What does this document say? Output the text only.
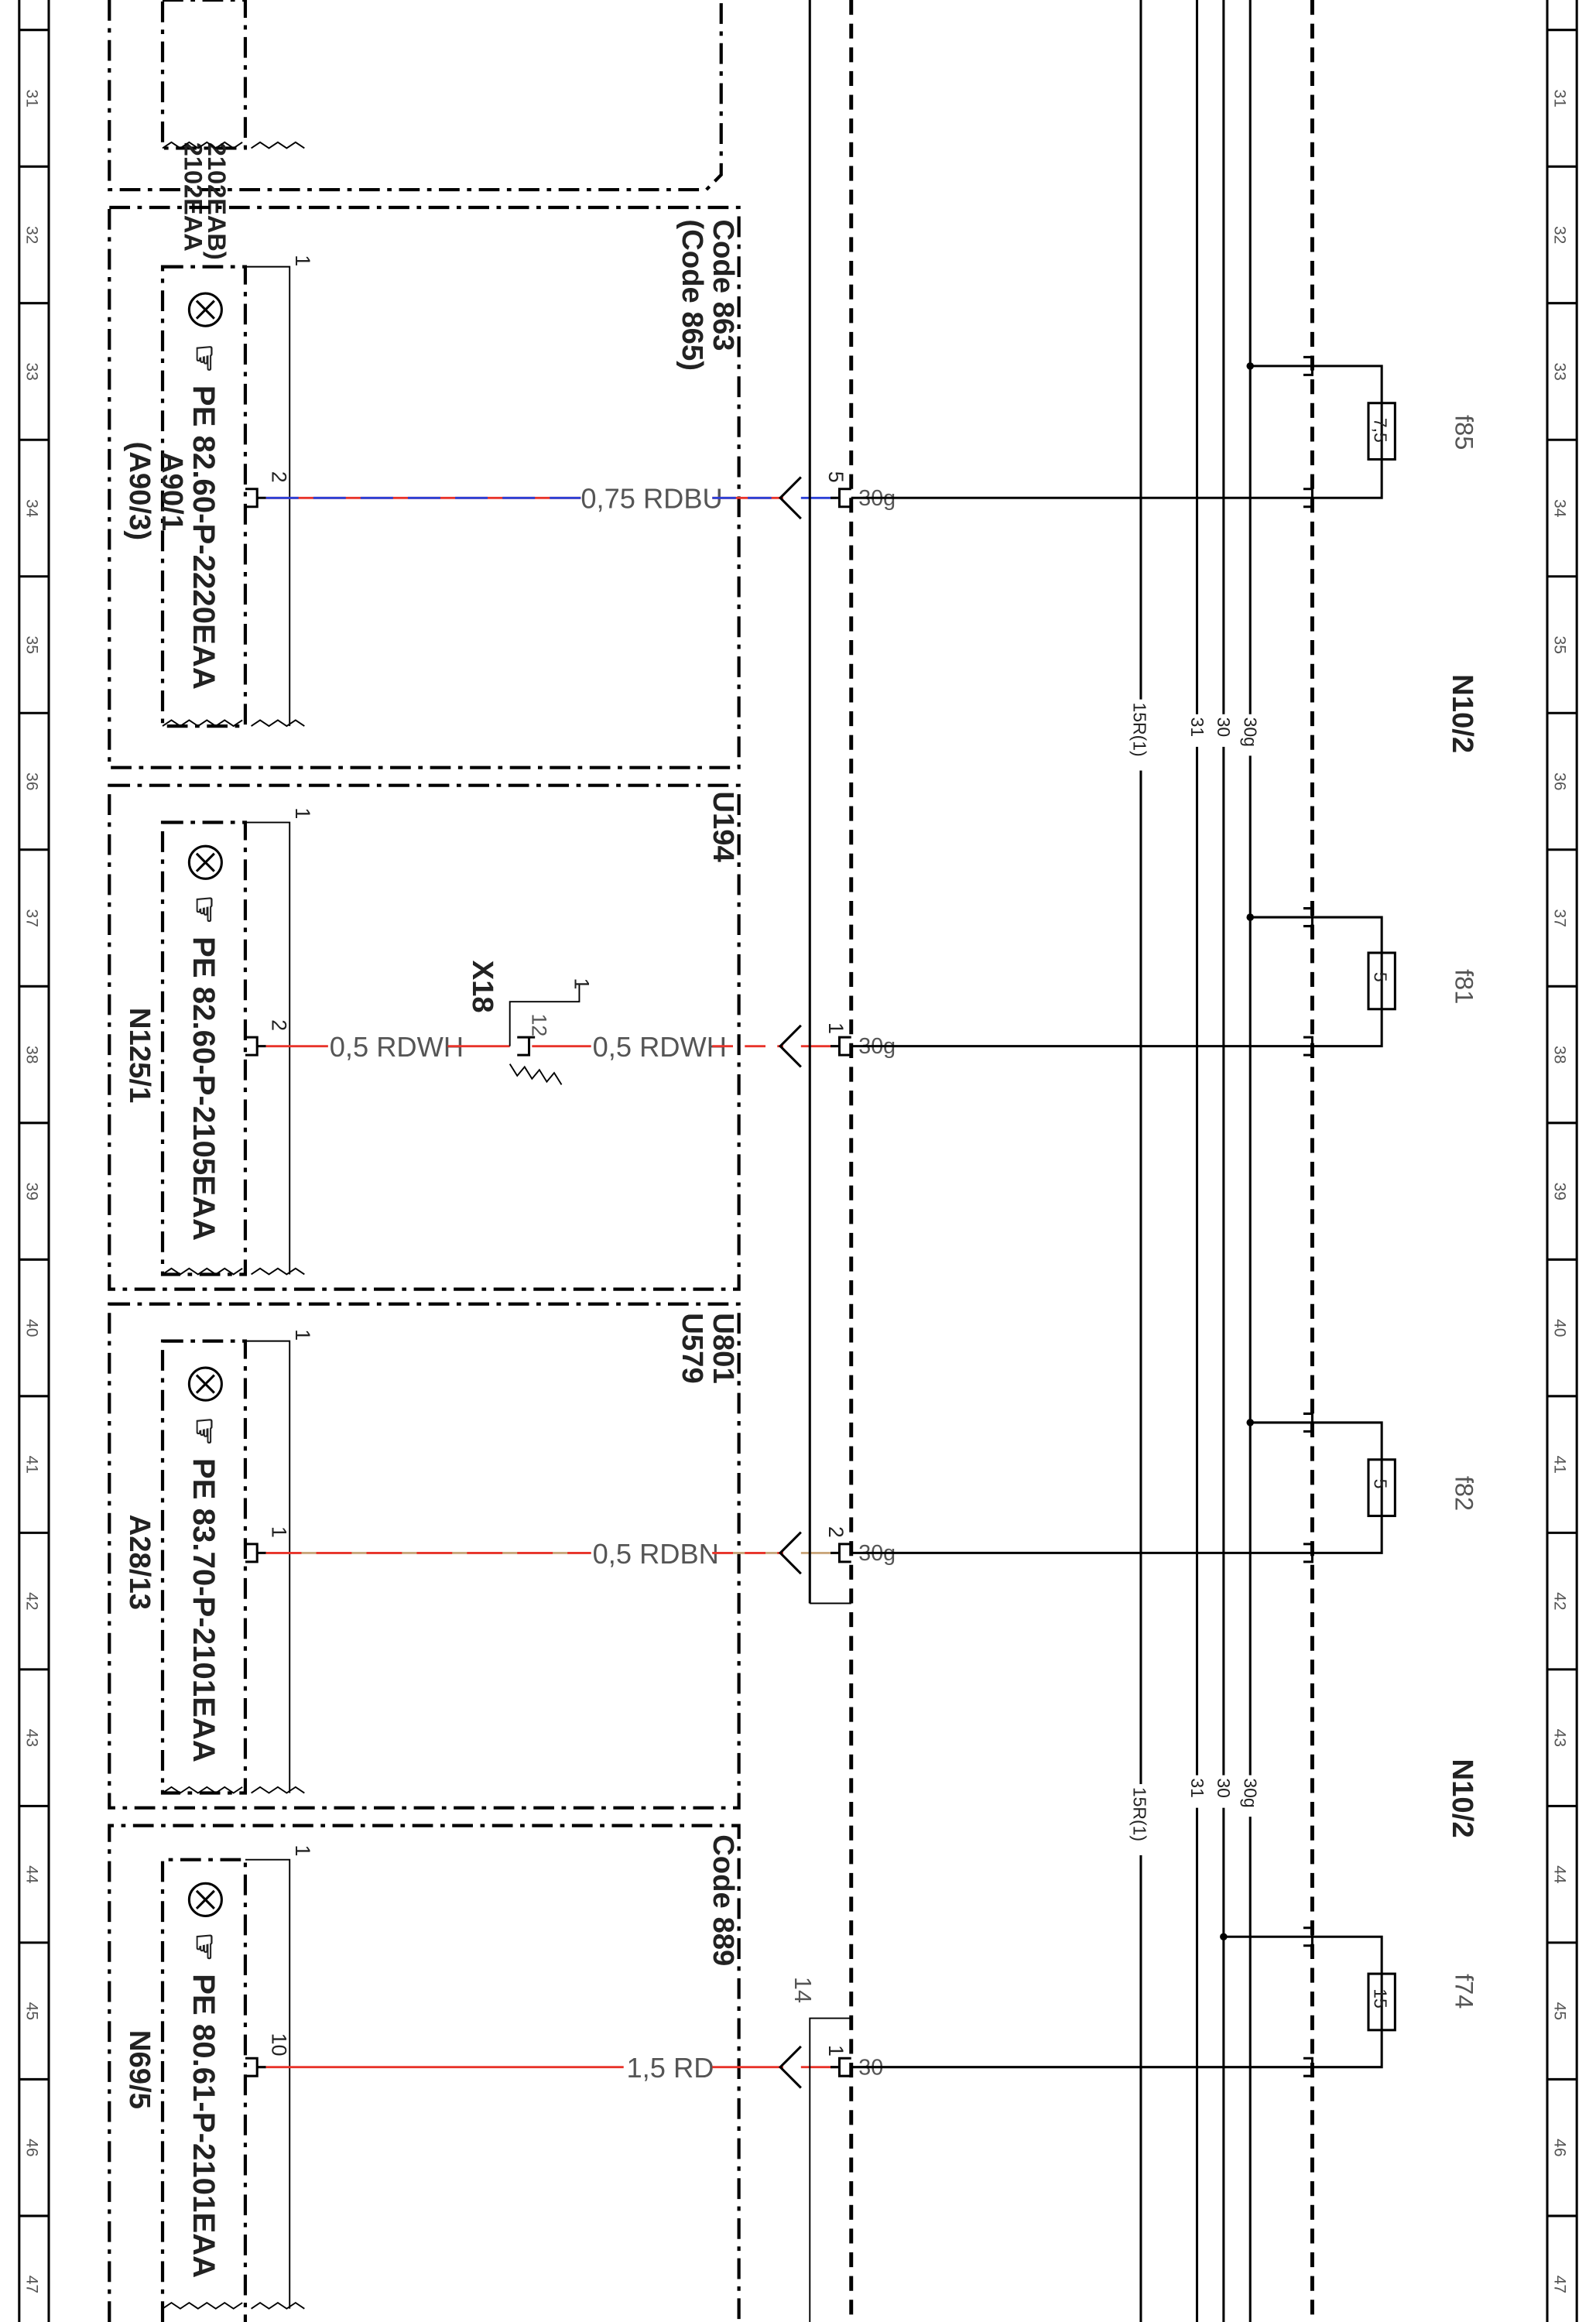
31	31
32	32
33	33
34	34
35	35
36	36
37	37
38	38
39	39
40	40
41	41
42	42
43	43
44	44
45	45
46	46
47	47
2102EAA
2102EAB)
Code 863
(Code 865)
A90/1
(A90/3)
☞
PE 82.60-P-2220EAA
1
2
0,75 RDBU
5
30g
U194
N125/1
☞
PE 82.60-P-2105EAA
1
2
0,5 RDWH
X18	1
12
0,5 RDWH
1
30g
U801
U579
A28/13
☞
PE 83.70-P-2101EAA
1
1
0,5 RDBN
2
30g
Code 889
N69/5
☞
PE 80.61-P-2101EAA
1
10
1,5 RD
1
14
30
15R(1)	31 30 30g
15R(1)	31 30 30g
N10/2
N10/2
7,5	f85
5	f81
5	f82
15	f74
